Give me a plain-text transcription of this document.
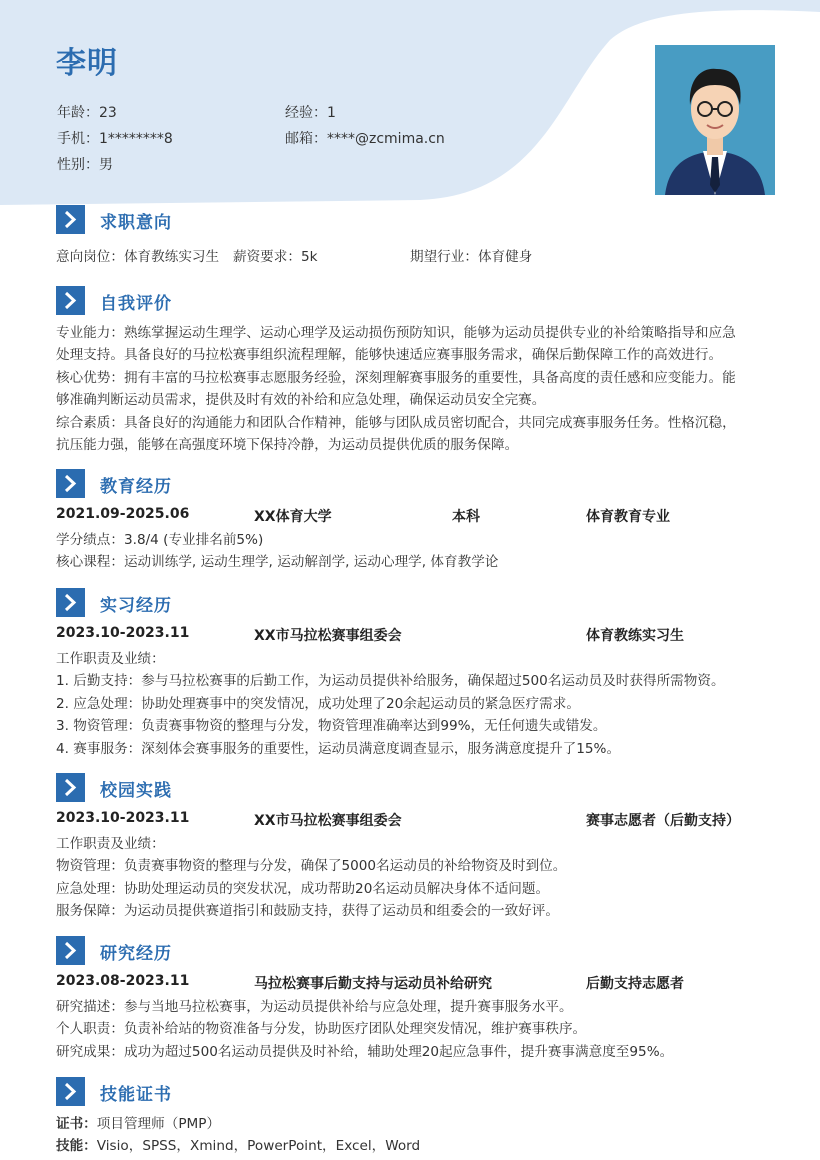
李明
年龄：23	经验：1
手机：1********8	邮箱：****@zcmima.cn
性别：男
求职意向
意向岗位：体育教练实习生 薪资要求：5k	期望行业：体育健身
自我评价
专业能力：熟练掌握运动生理学、运动心理学及运动损伤预防知识，能够为运动员提供专业的补给策略指导和应急
处理支持。具备良好的马拉松赛事组织流程理解，能够快速适应赛事服务需求，确保后勤保障工作的高效进行。
核心优势：拥有丰富的马拉松赛事志愿服务经验，深刻理解赛事服务的重要性，具备高度的责任感和应变能力。能
够准确判断运动员需求，提供及时有效的补给和应急处理，确保运动员安全完赛。
综合素质：具备良好的沟通能力和团队合作精神，能够与团队成员密切配合，共同完成赛事服务任务。性格沉稳，
抗压能力强，能够在高强度环境下保持冷静，为运动员提供优质的服务保障。
教育经历
2021.09-2025.06	XX体育大学	本科	体育教育专业
学分绩点：3.8/4 (专业排名前5%)
核心课程：运动训练学, 运动生理学, 运动解剖学, 运动心理学, 体育教学论
实习经历
2023.10-2023.11	XX市马拉松赛事组委会	体育教练实习生
工作职责及业绩：
1. 后勤支持：参与马拉松赛事的后勤工作，为运动员提供补给服务，确保超过500名运动员及时获得所需物资。
2. 应急处理：协助处理赛事中的突发情况，成功处理了20余起运动员的紧急医疗需求。
3. 物资管理：负责赛事物资的整理与分发，物资管理准确率达到99%，无任何遗失或错发。
4. 赛事服务：深刻体会赛事服务的重要性，运动员满意度调查显示，服务满意度提升了15%。
校园实践
2023.10-2023.11	XX市马拉松赛事组委会	赛事志愿者（后勤支持）
工作职责及业绩：
物资管理：负责赛事物资的整理与分发，确保了5000名运动员的补给物资及时到位。
应急处理：协助处理运动员的突发状况，成功帮助20名运动员解决身体不适问题。
服务保障：为运动员提供赛道指引和鼓励支持，获得了运动员和组委会的一致好评。
研究经历
2023.08-2023.11	马拉松赛事后勤支持与运动员补给研究	后勤支持志愿者
研究描述：参与当地马拉松赛事，为运动员提供补给与应急处理，提升赛事服务水平。
个人职责：负责补给站的物资准备与分发，协助医疗团队处理突发情况，维护赛事秩序。
研究成果：成功为超过500名运动员提供及时补给，辅助处理20起应急事件，提升赛事满意度至95%。
技能证书
证书：项目管理师（PMP）
技能：Visio，SPSS，Xmind，PowerPoint，Excel，Word
